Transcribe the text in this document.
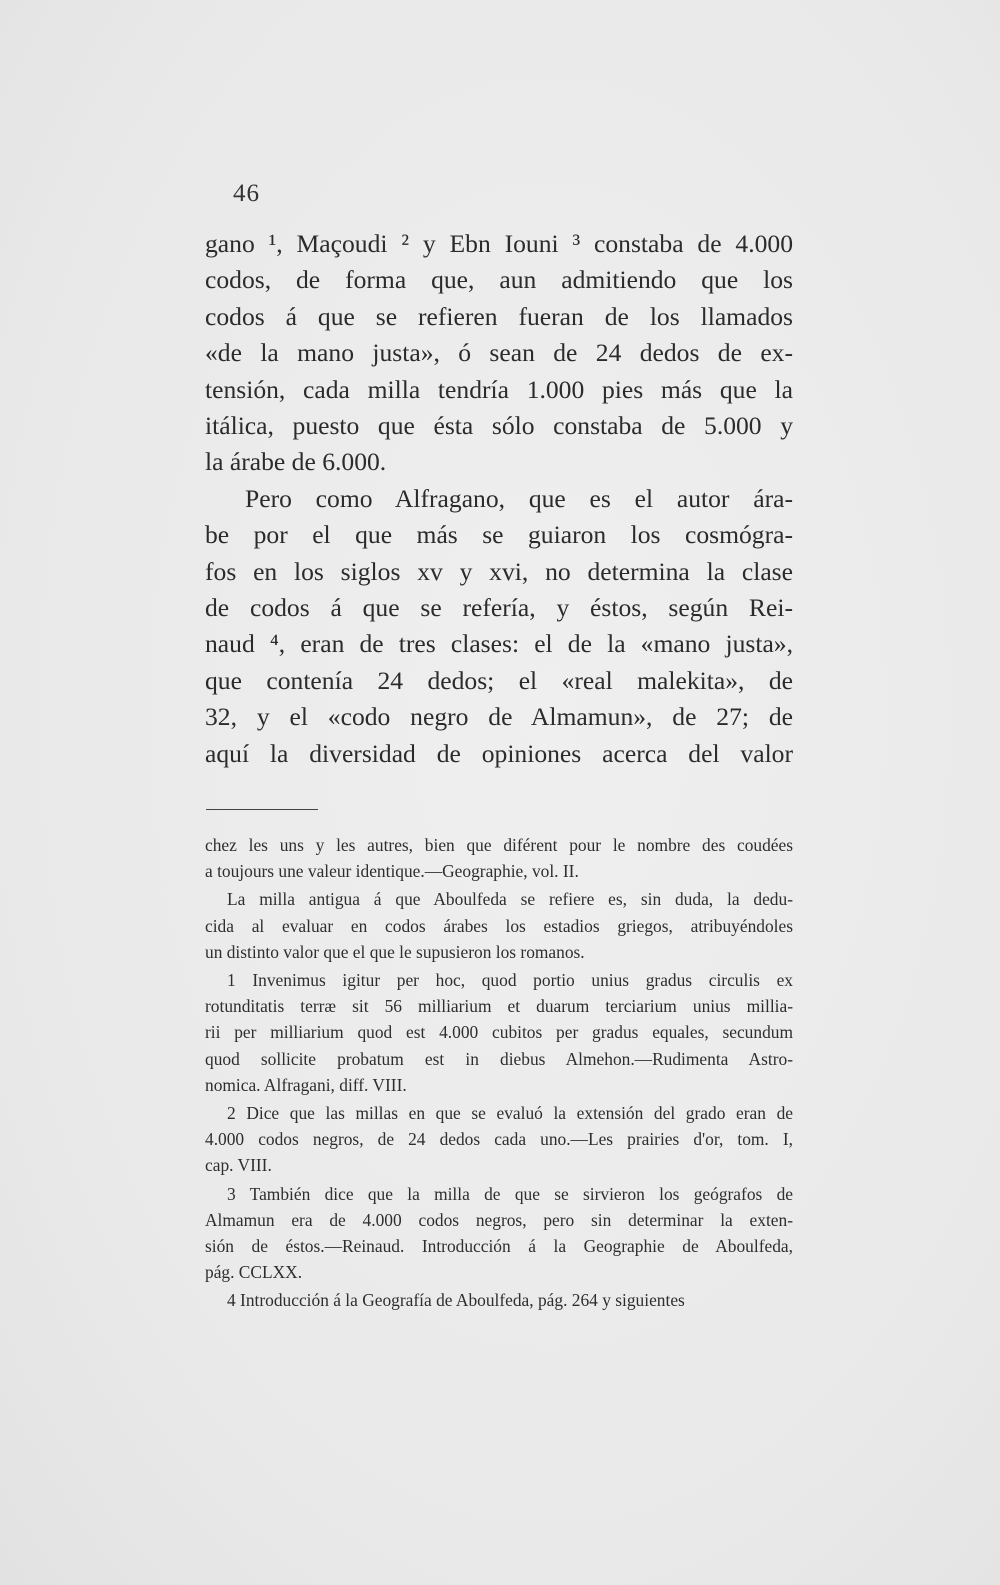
46
gano ¹, Maçoudi ² y Ebn Iouni ³ constaba de 4.000
codos, de forma que, aun admitiendo que los
codos á que se refieren fueran de los llamados
«de la mano justa», ó sean de 24 dedos de ex-
tensión, cada milla tendría 1.000 pies más que la
itálica, puesto que ésta sólo constaba de 5.000 y
la árabe de 6.000.
Pero como Alfragano, que es el autor ára-
be por el que más se guiaron los cosmógra-
fos en los siglos xv y xvi, no determina la clase
de codos á que se refería, y éstos, según Rei-
naud ⁴, eran de tres clases: el de la «mano justa»,
que contenía 24 dedos; el «real malekita», de
32, y el «codo negro de Almamun», de 27; de
aquí la diversidad de opiniones acerca del valor
chez les uns y les autres, bien que diférent pour le nombre des coudées
a toujours une valeur identique.—Geographie, vol. II.
La milla antigua á que Aboulfeda se refiere es, sin duda, la dedu-
cida al evaluar en codos árabes los estadios griegos, atribuyéndoles
un distinto valor que el que le supusieron los romanos.
1 Invenimus igitur per hoc, quod portio unius gradus circulis ex
rotunditatis terræ sit 56 milliarium et duarum terciarium unius millia-
rii per milliarium quod est 4.000 cubitos per gradus equales, secundum
quod sollicite probatum est in diebus Almehon.—Rudimenta Astro-
nomica. Alfragani, diff. VIII.
2 Dice que las millas en que se evaluó la extensión del grado eran de
4.000 codos negros, de 24 dedos cada uno.—Les prairies d'or, tom. I,
cap. VIII.
3 También dice que la milla de que se sirvieron los geógrafos de
Almamun era de 4.000 codos negros, pero sin determinar la exten-
sión de éstos.—Reinaud. Introducción á la Geographie de Aboulfeda,
pág. CCLXX.
4 Introducción á la Geografía de Aboulfeda, pág. 264 y siguientes
